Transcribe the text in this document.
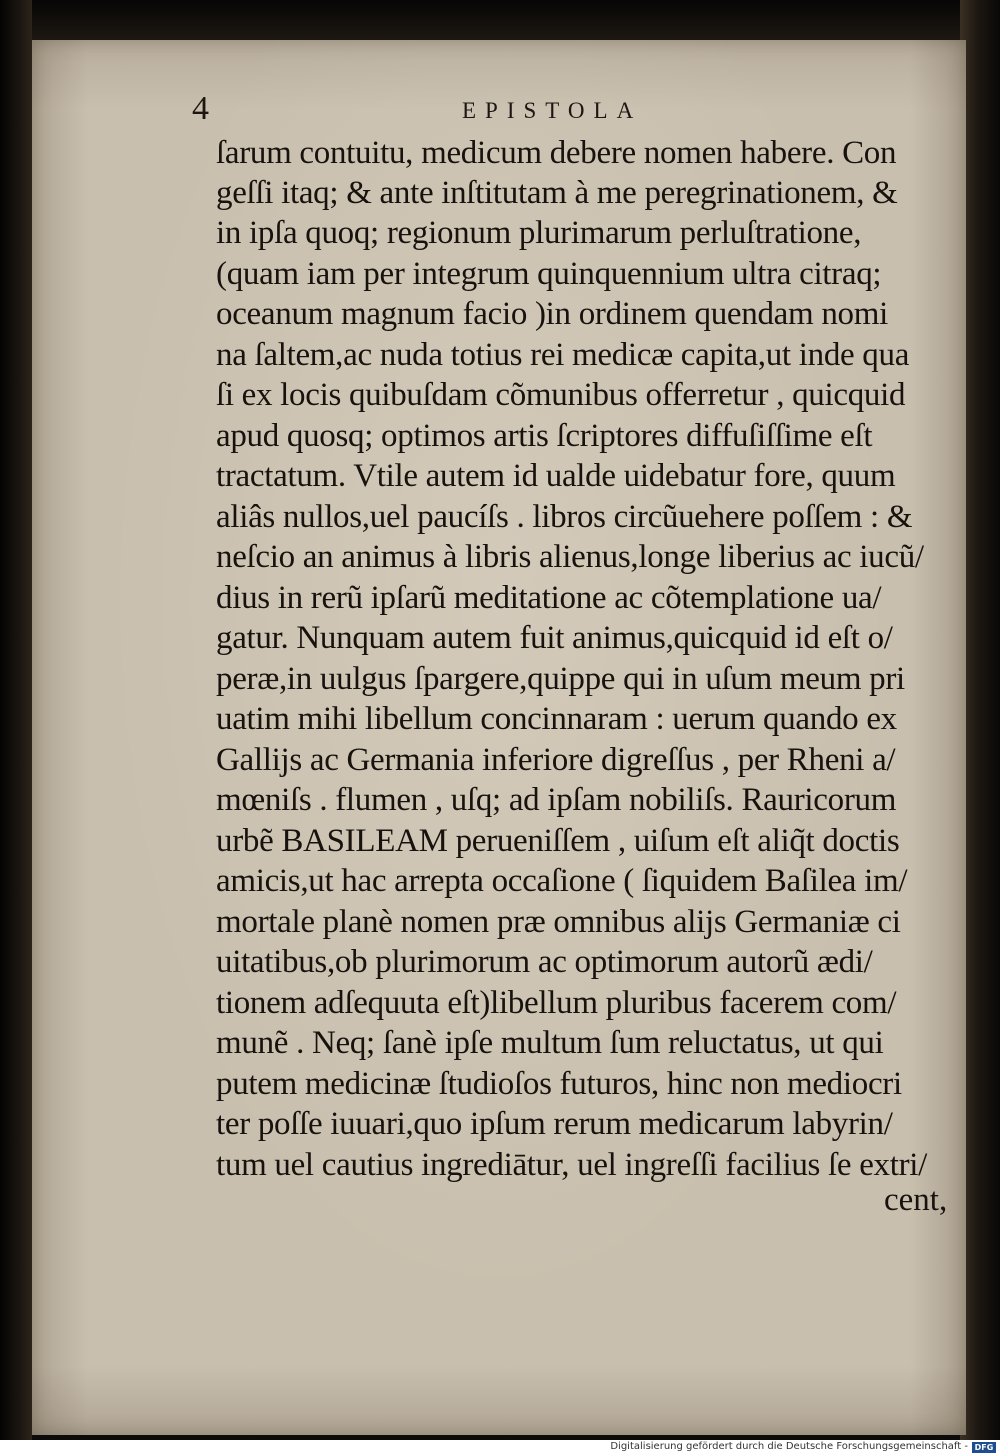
4	EPISTOLA
ſarum contuitu, medicum debere nomen habere. Con
geſſi itaq; & ante inſtitutam à me peregrinationem, &
in ipſa quoq; regionum plurimarum perluſtratione,
(quam iam per integrum quinquennium ultra citraq;
oceanum magnum facio )in ordinem quendam nomi
na ſaltem,ac nuda totius rei medicæ capita,ut inde qua
ſi ex locis quibuſdam cõmunibus offerretur , quicquid
apud quosq; optimos artis ſcriptores diffuſiſſime eſt
tractatum. Vtile autem id ualde uidebatur fore, quum
aliâs nullos,uel paucíſs . libros circũuehere poſſem : &
neſcio an animus à libris alienus,longe liberius ac iucũ/
dius in rerũ ipſarũ meditatione ac cõtemplatione ua/
gatur. Nunquam autem fuit animus,quicquid id eſt o/
peræ,in uulgus ſpargere,quippe qui in uſum meum pri
uatim mihi libellum concinnaram : uerum quando ex
Gallijs ac Germania inferiore digreſſus , per Rheni a/
mœniſs . flumen , uſq; ad ipſam nobiliſs. Rauricorum
urbẽ BASILEAM perueniſſem , uiſum eſt aliq̃t doctis
amicis,ut hac arrepta occaſione ( ſiquidem Baſilea im/
mortale planè nomen præ omnibus alijs Germaniæ ci
uitatibus,ob plurimorum ac optimorum autorũ ædi/
tionem adſequuta eſt)libellum pluribus facerem com/
munẽ . Neq; ſanè ipſe multum ſum reluctatus, ut qui
putem medicinæ ſtudioſos futuros, hinc non mediocri
ter poſſe iuuari,quo ipſum rerum medicarum labyrin/
tum uel cautius ingrediātur, uel ingreſſi facilius ſe extri/
cent,
Digitalisierung gefördert durch die Deutsche Forschungsgemeinschaft - DFG
